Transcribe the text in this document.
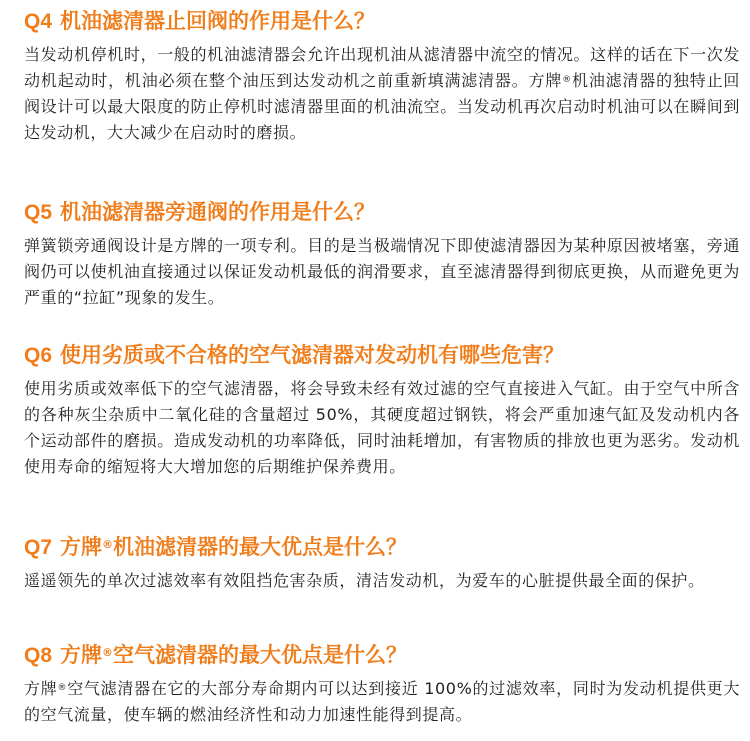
Q4 机油滤清器止回阀的作用是什么？

当发动机停机时，一般的机油滤清器会允许出现机油从滤清器中流空的情况。这样的话在下一次发动机起动时，机油必须在整个油压到达发动机之前重新填满滤清器。方牌®机油滤清器的独特止回阀设计可以最大限度的防止停机时滤清器里面的机油流空。当发动机再次启动时机油可以在瞬间到达发动机，大大减少在启动时的磨损。

Q5 机油滤清器旁通阀的作用是什么？

弹簧锁旁通阀设计是方牌的一项专利。目的是当极端情况下即使滤清器因为某种原因被堵塞，旁通阀仍可以使机油直接通过以保证发动机最低的润滑要求，直至滤清器得到彻底更换，从而避免更为严重的“拉缸”现象的发生。

Q6 使用劣质或不合格的空气滤清器对发动机有哪些危害？

使用劣质或效率低下的空气滤清器，将会导致未经有效过滤的空气直接进入气缸。由于空气中所含的各种灰尘杂质中二氧化硅的含量超过 50%，其硬度超过钢铁，将会严重加速气缸及发动机内各个运动部件的磨损。造成发动机的功率降低，同时油耗增加，有害物质的排放也更为恶劣。发动机使用寿命的缩短将大大增加您的后期维护保养费用。

Q7 方牌®机油滤清器的最大优点是什么？

遥遥领先的单次过滤效率有效阻挡危害杂质，清洁发动机，为爱车的心脏提供最全面的保护。

Q8 方牌®空气滤清器的最大优点是什么？

方牌®空气滤清器在它的大部分寿命期内可以达到接近 100%的过滤效率，同时为发动机提供更大的空气流量，使车辆的燃油经济性和动力加速性能得到提高。
